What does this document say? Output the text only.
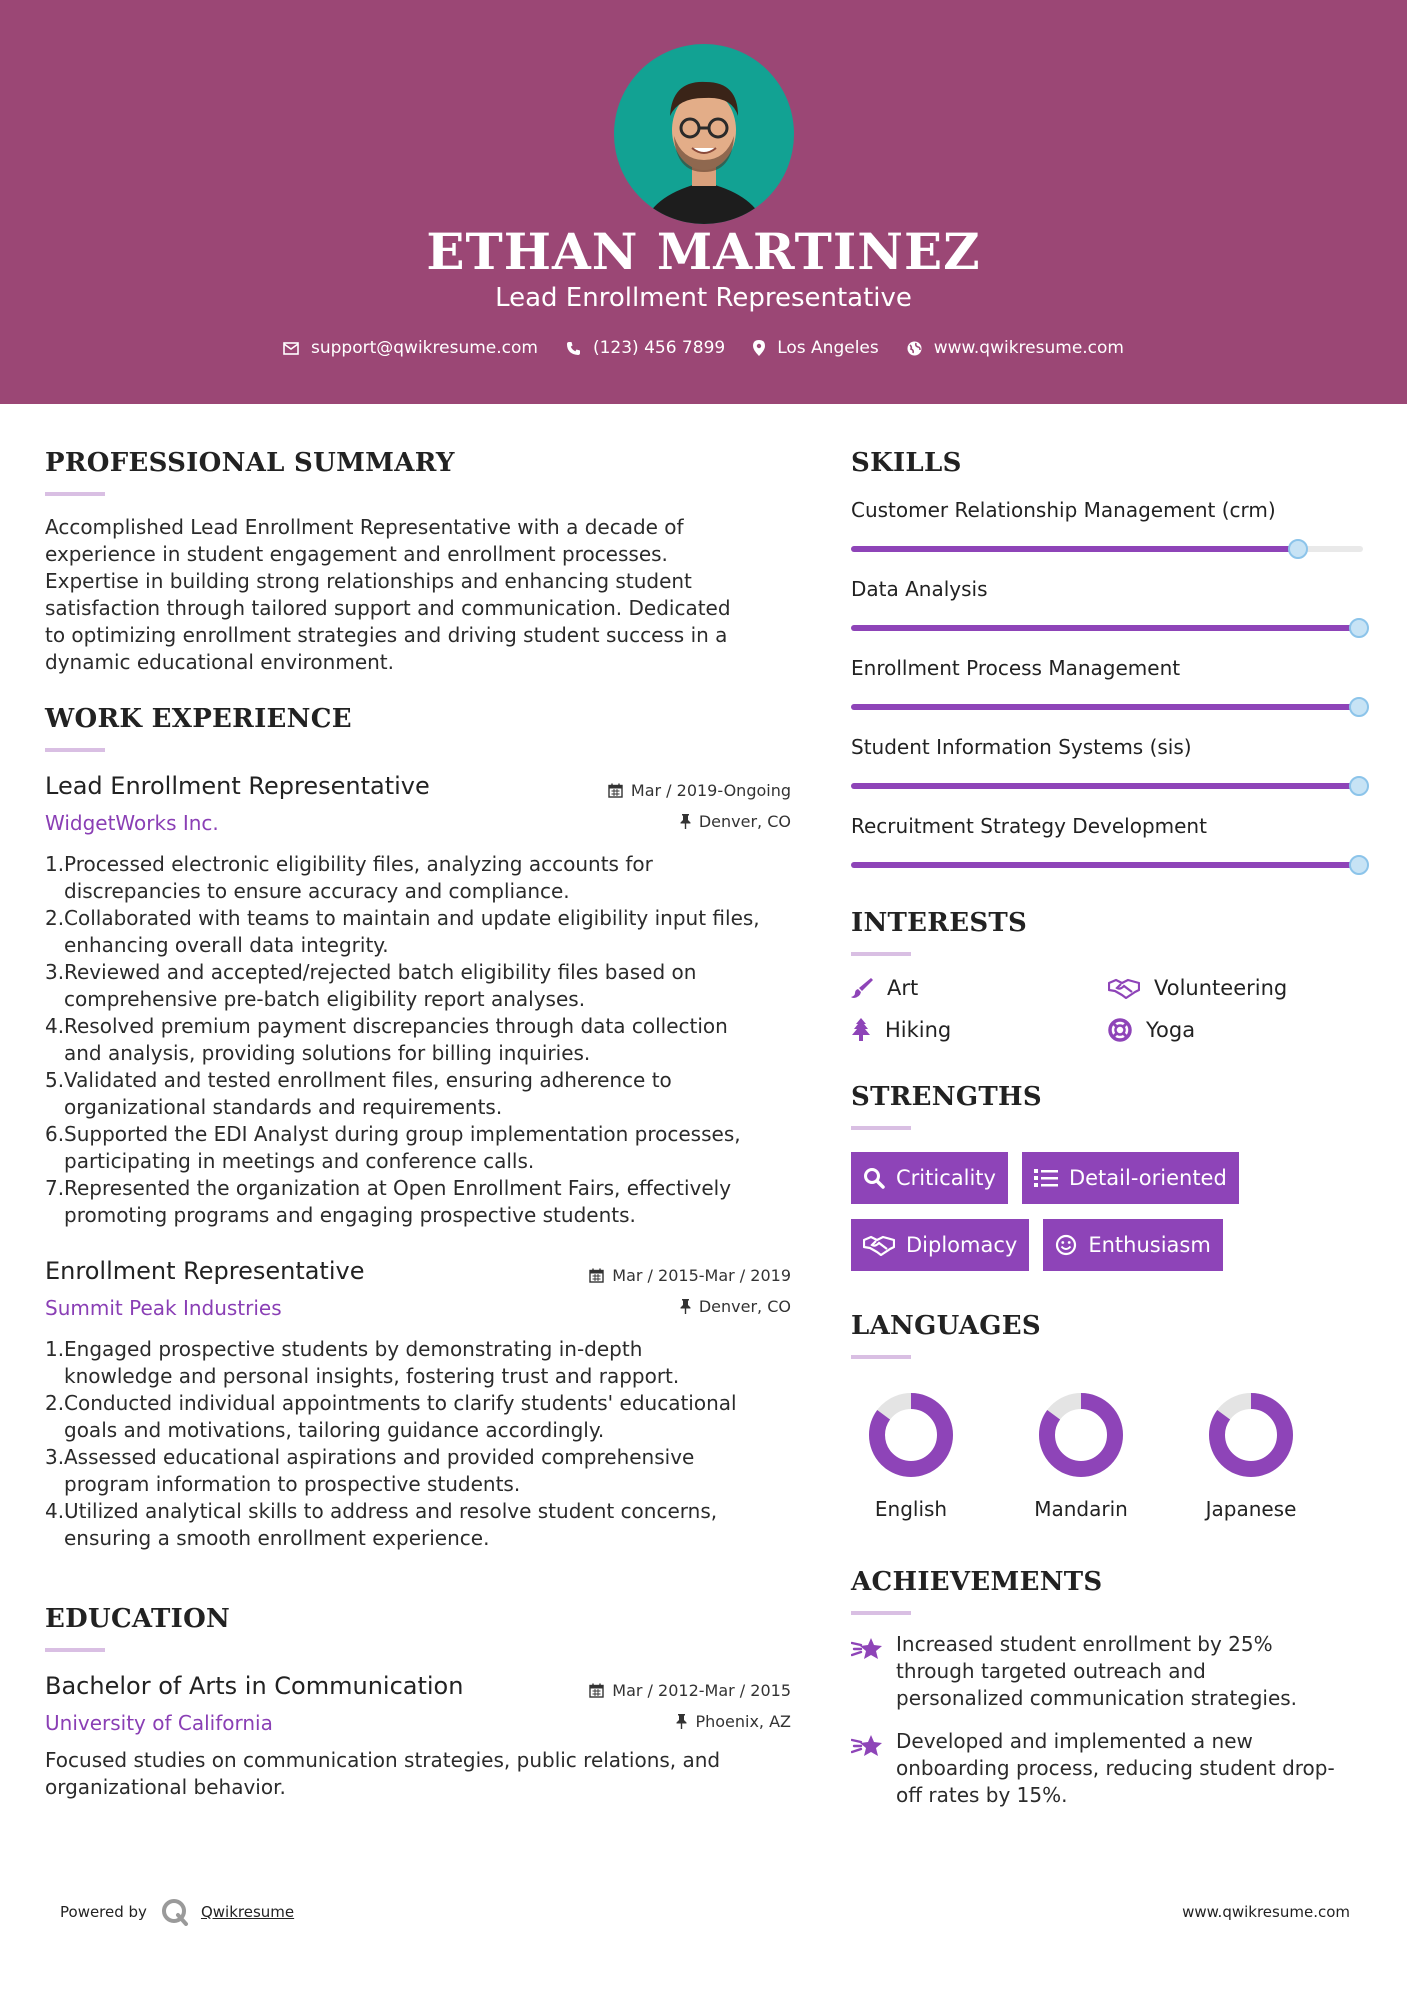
ETHAN MARTINEZ
Lead Enrollment Representative
support@qwikresume.com	(123) 456 7899	Los Angeles	www.qwikresume.com
PROFESSIONAL SUMMARY
Accomplished Lead Enrollment Representative with a decade of
experience in student engagement and enrollment processes.
Expertise in building strong relationships and enhancing student
satisfaction through tailored support and communication. Dedicated
to optimizing enrollment strategies and driving student success in a
dynamic educational environment.
WORK EXPERIENCE
Lead Enrollment Representative
WidgetWorks Inc.
Mar / 2019-Ongoing
Denver, CO
1. Processed electronic eligibility files, analyzing accounts for
discrepancies to ensure accuracy and compliance.
2. Collaborated with teams to maintain and update eligibility input files,
enhancing overall data integrity.
3. Reviewed and accepted/rejected batch eligibility files based on
comprehensive pre-batch eligibility report analyses.
4. Resolved premium payment discrepancies through data collection
and analysis, providing solutions for billing inquiries.
5. Validated and tested enrollment files, ensuring adherence to
organizational standards and requirements.
6. Supported the EDI Analyst during group implementation processes,
participating in meetings and conference calls.
7. Represented the organization at Open Enrollment Fairs, effectively
promoting programs and engaging prospective students.
Enrollment Representative
Summit Peak Industries
Mar / 2015-Mar / 2019
Denver, CO
1. Engaged prospective students by demonstrating in-depth
knowledge and personal insights, fostering trust and rapport.
2. Conducted individual appointments to clarify students' educational
goals and motivations, tailoring guidance accordingly.
3. Assessed educational aspirations and provided comprehensive
program information to prospective students.
4. Utilized analytical skills to address and resolve student concerns,
ensuring a smooth enrollment experience.
EDUCATION
Bachelor of Arts in Communication
University of California
Mar / 2012-Mar / 2015
Phoenix, AZ
Focused studies on communication strategies, public relations, and
organizational behavior.
SKILLS
Customer Relationship Management (crm)
Data Analysis
Enrollment Process Management
Student Information Systems (sis)
Recruitment Strategy Development
INTERESTS
Art	Volunteering
Hiking	Yoga
STRENGTHS
Criticality	Detail-oriented
Diplomacy	Enthusiasm
LANGUAGES
English	Mandarin	Japanese
ACHIEVEMENTS
Increased student enrollment by 25%
through targeted outreach and
personalized communication strategies.
Developed and implemented a new
onboarding process, reducing student drop-
off rates by 15%.
Powered by	Qwikresume	www.qwikresume.com
